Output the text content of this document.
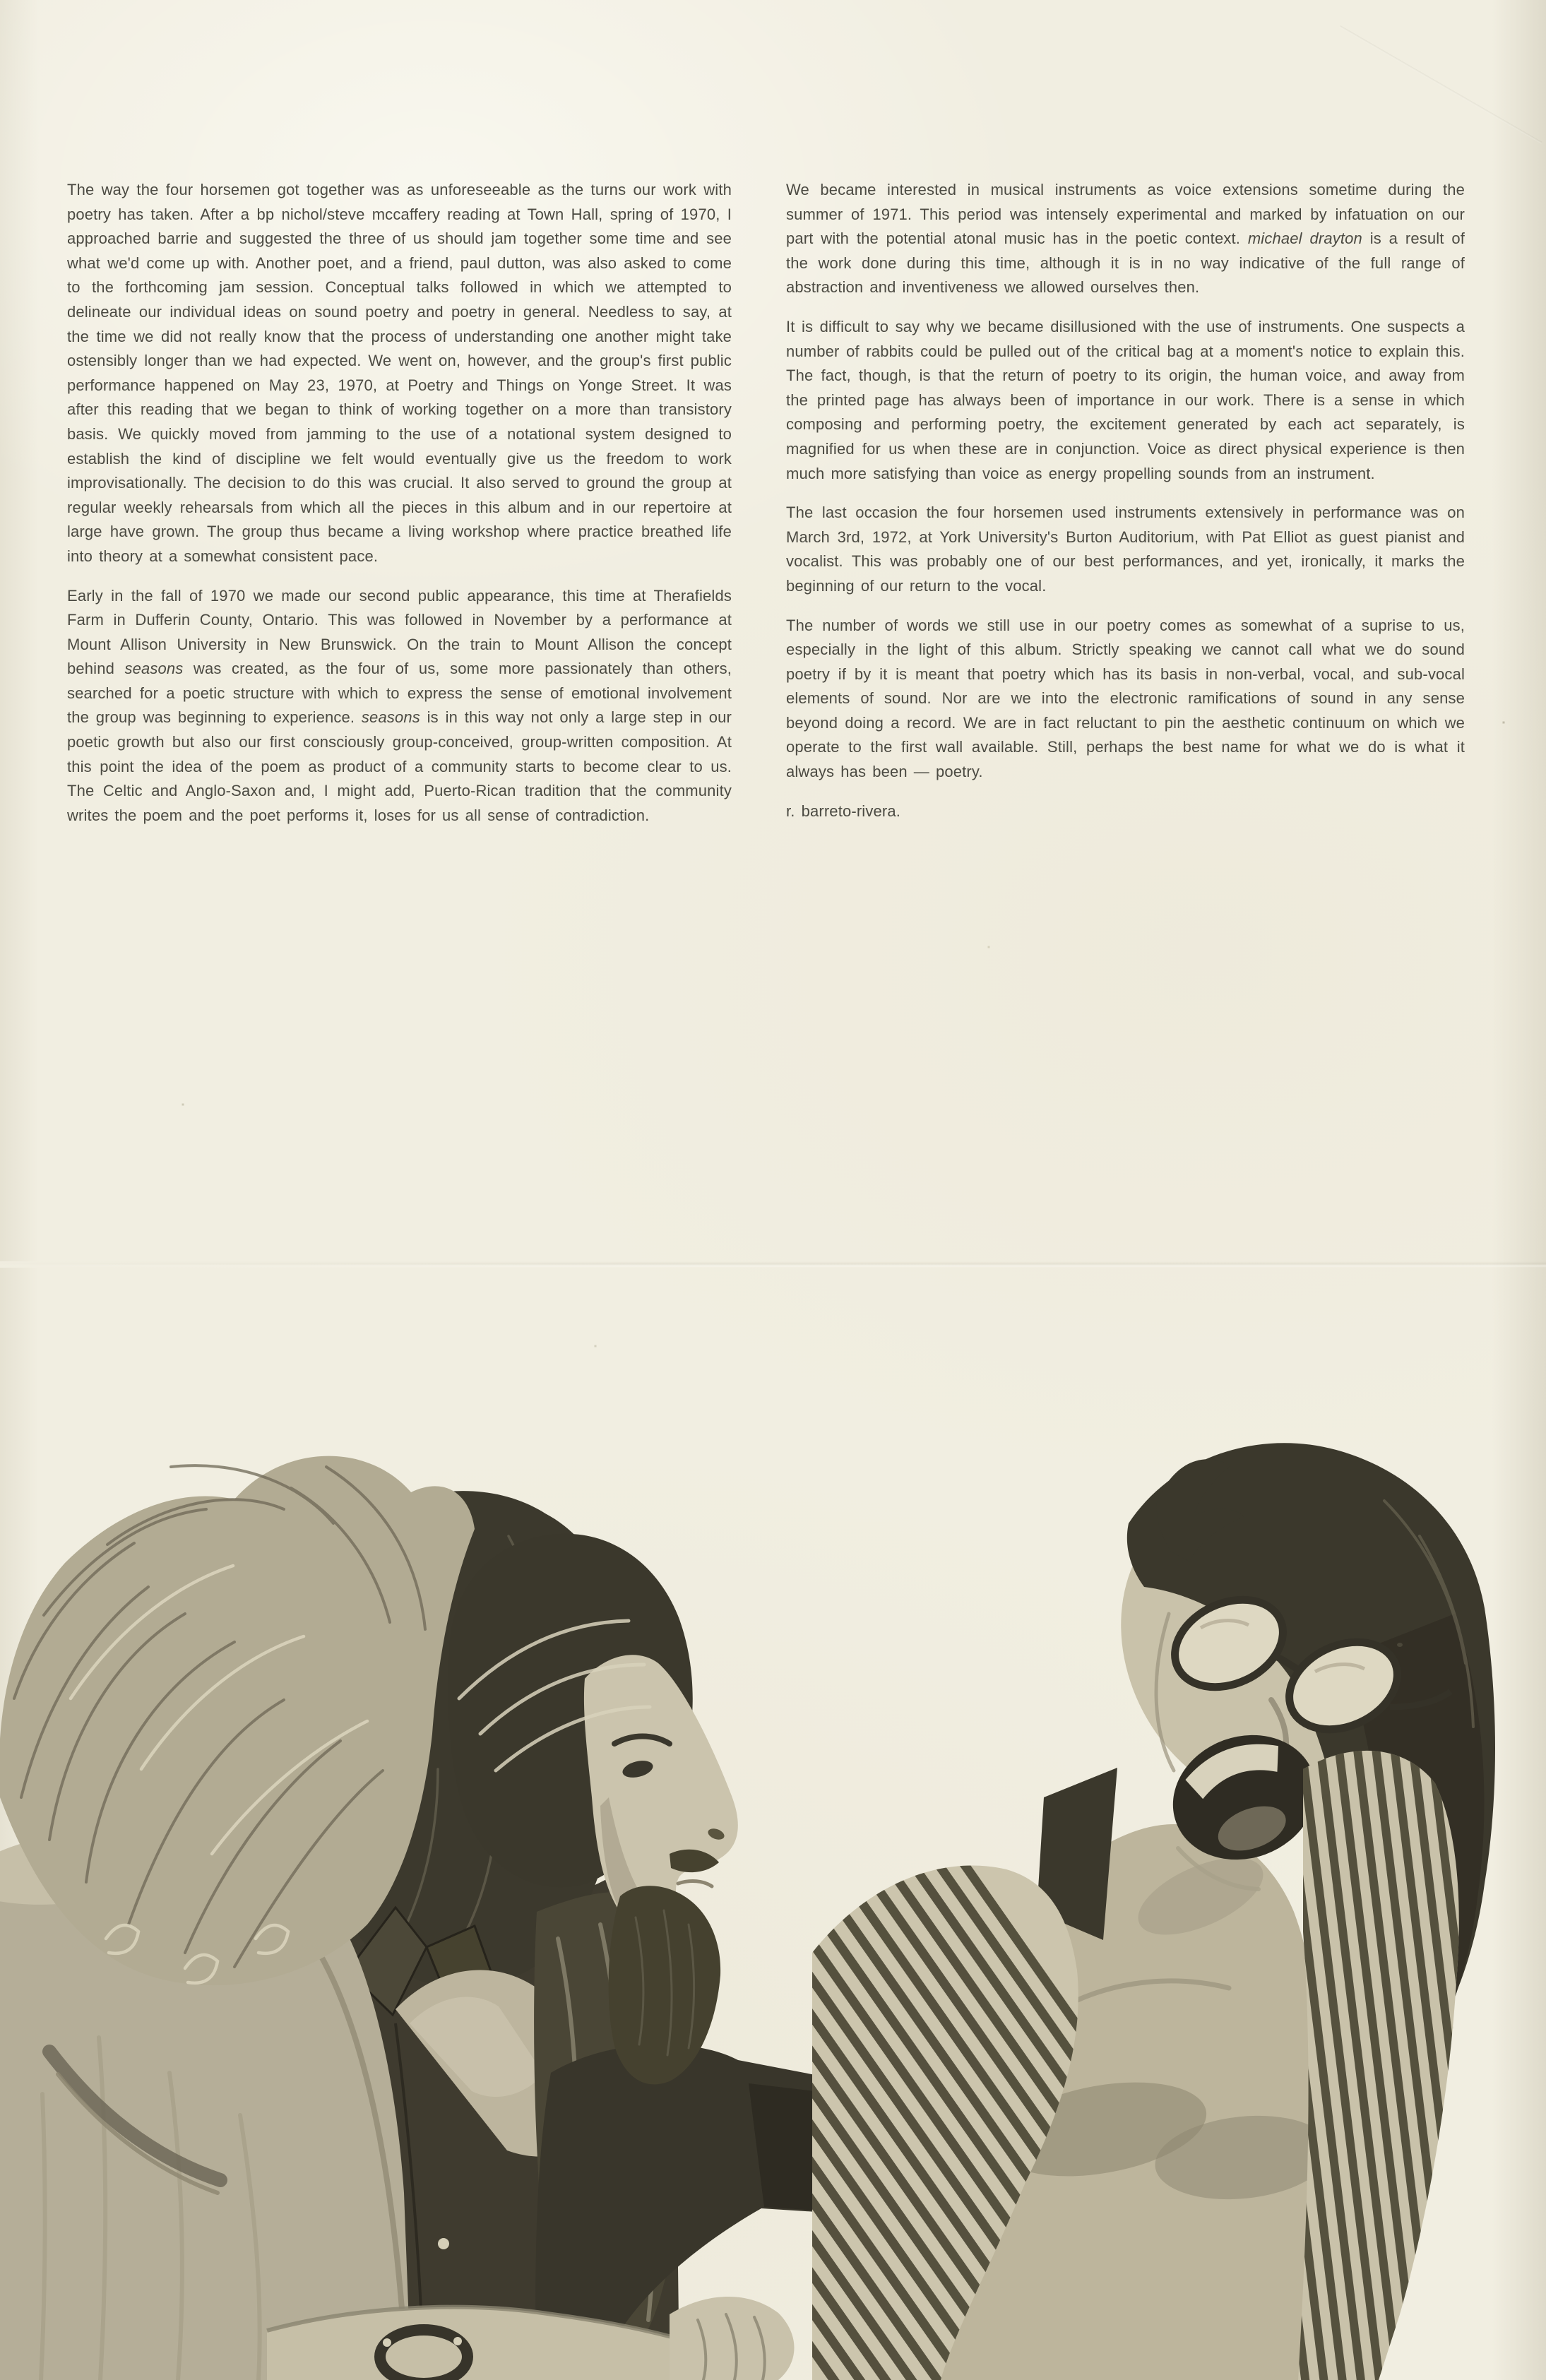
The way the four horsemen got together was as unforeseeable as the turns our work with poetry has taken. After a bp nichol/steve mccaffery reading at Town Hall, spring of 1970, I approached barrie and suggested the three of us should jam together some time and see what we'd come up with. Another poet, and a friend, paul dutton, was also asked to come to the forthcoming jam session. Conceptual talks followed in which we attempted to delineate our individual ideas on sound poetry and poetry in general. Needless to say, at the time we did not really know that the process of understanding one another might take ostensibly longer than we had expected. We went on, however, and the group's first public performance happened on May 23, 1970, at Poetry and Things on Yonge Street. It was after this reading that we began to think of working together on a more than transistory basis. We quickly moved from jamming to the use of a notational system designed to establish the kind of discipline we felt would eventually give us the freedom to work improvisationally. The decision to do this was crucial. It also served to ground the group at regular weekly rehearsals from which all the pieces in this album and in our repertoire at large have grown. The group thus became a living workshop where practice breathed life into theory at a somewhat consistent pace.

Early in the fall of 1970 we made our second public appearance, this time at Therafields Farm in Dufferin County, Ontario. This was followed in November by a performance at Mount Allison University in New Brunswick. On the train to Mount Allison the concept behind seasons was created, as the four of us, some more passionately than others, searched for a poetic structure with which to express the sense of emotional involvement the group was beginning to experience. seasons is in this way not only a large step in our poetic growth but also our first consciously group-conceived, group-written composition. At this point the idea of the poem as product of a community starts to become clear to us. The Celtic and Anglo-Saxon and, I might add, Puerto-Rican tradition that the community writes the poem and the poet performs it, loses for us all sense of contradiction.

We became interested in musical instruments as voice extensions sometime during the summer of 1971. This period was intensely experimental and marked by infatuation on our part with the potential atonal music has in the poetic context. michael drayton is a result of the work done during this time, although it is in no way indicative of the full range of abstraction and inventiveness we allowed ourselves then.

It is difficult to say why we became disillusioned with the use of instruments. One suspects a number of rabbits could be pulled out of the critical bag at a moment's notice to explain this. The fact, though, is that the return of poetry to its origin, the human voice, and away from the printed page has always been of importance in our work. There is a sense in which composing and performing poetry, the excitement generated by each act separately, is magnified for us when these are in conjunction. Voice as direct physical experience is then much more satisfying than voice as energy propelling sounds from an instrument.

The last occasion the four horsemen used instruments extensively in performance was on March 3rd, 1972, at York University's Burton Auditorium, with Pat Elliot as guest pianist and vocalist. This was probably one of our best performances, and yet, ironically, it marks the beginning of our return to the vocal.

The number of words we still use in our poetry comes as somewhat of a suprise to us, especially in the light of this album. Strictly speaking we cannot call what we do sound poetry if by it is meant that poetry which has its basis in non-verbal, vocal, and sub-vocal elements of sound. Nor are we into the electronic ramifications of sound in any sense beyond doing a record. We are in fact reluctant to pin the aesthetic continuum on which we operate to the first wall available. Still, perhaps the best name for what we do is what it always has been — poetry.

r. barreto-rivera.
